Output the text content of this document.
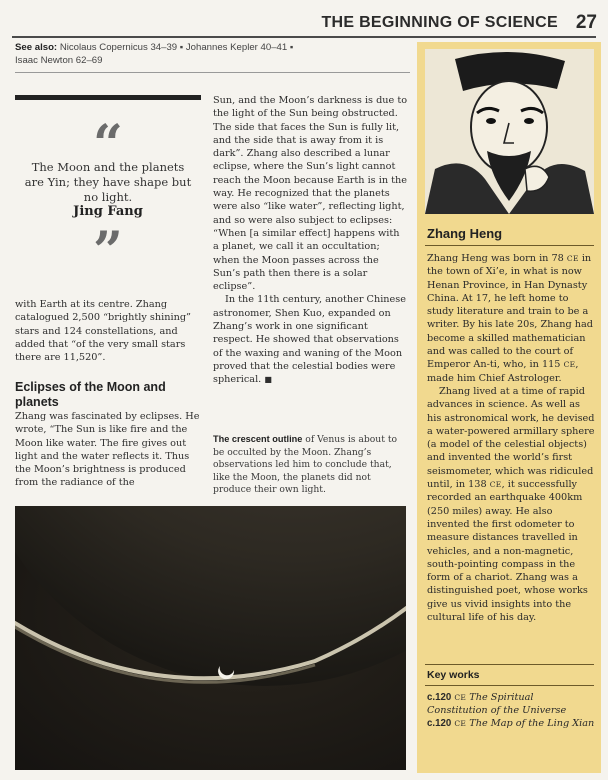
THE BEGINNING OF SCIENCE 27
See also: Nicolaus Copernicus 34–39 ▪ Johannes Kepler 40–41 ▪
Isaac Newton 62–69
“
The Moon and the planets are Yin; they have shape but no light.
Jing Fang
”
with Earth at its centre. Zhang catalogued 2,500 “brightly shining” stars and 124 constellations, and added that “of the very small stars there are 11,520”.
Eclipses of the Moon and planets
Zhang was fascinated by eclipses. He wrote, “The Sun is like fire and the Moon like water. The fire gives out light and the water reflects it. Thus the Moon’s brightness is produced from the radiance of the
Sun, and the Moon’s darkness is due to the light of the Sun being obstructed. The side that faces the Sun is fully lit, and the side that is away from it is dark”. Zhang also described a lunar eclipse, where the Sun’s light cannot reach the Moon because Earth is in the way. He recognized that the planets were also “like water”, reflecting light, and so were also subject to eclipses: “When [a similar effect] happens with a planet, we call it an occultation; when the Moon passes across the Sun’s path then there is a solar eclipse”.
In the 11th century, another Chinese astronomer, Shen Kuo, expanded on Zhang’s work in one significant respect. He showed that observations of the waxing and waning of the Moon proved that the celestial bodies were spherical. ■
The crescent outline of Venus is about to be occulted by the Moon. Zhang’s observations led him to conclude that, like the Moon, the planets did not produce their own light.
Zhang Heng
Zhang Heng was born in 78 CE in the town of Xi’e, in what is now Henan Province, in Han Dynasty China. At 17, he left home to study literature and train to be a writer. By his late 20s, Zhang had become a skilled mathematician and was called to the court of Emperor An-ti, who, in 115 CE, made him Chief Astrologer.
Zhang lived at a time of rapid advances in science. As well as his astronomical work, he devised a water-powered armillary sphere (a model of the celestial objects) and invented the world’s first seismometer, which was ridiculed until, in 138 CE, it successfully recorded an earthquake 400km (250 miles) away. He also invented the first odometer to measure distances travelled in vehicles, and a non-magnetic, south-pointing compass in the form of a chariot. Zhang was a distinguished poet, whose works give us vivid insights into the cultural life of his day.
Key works
c.120 CE The Spiritual Constitution of the Universe
c.120 CE The Map of the Ling Xian
